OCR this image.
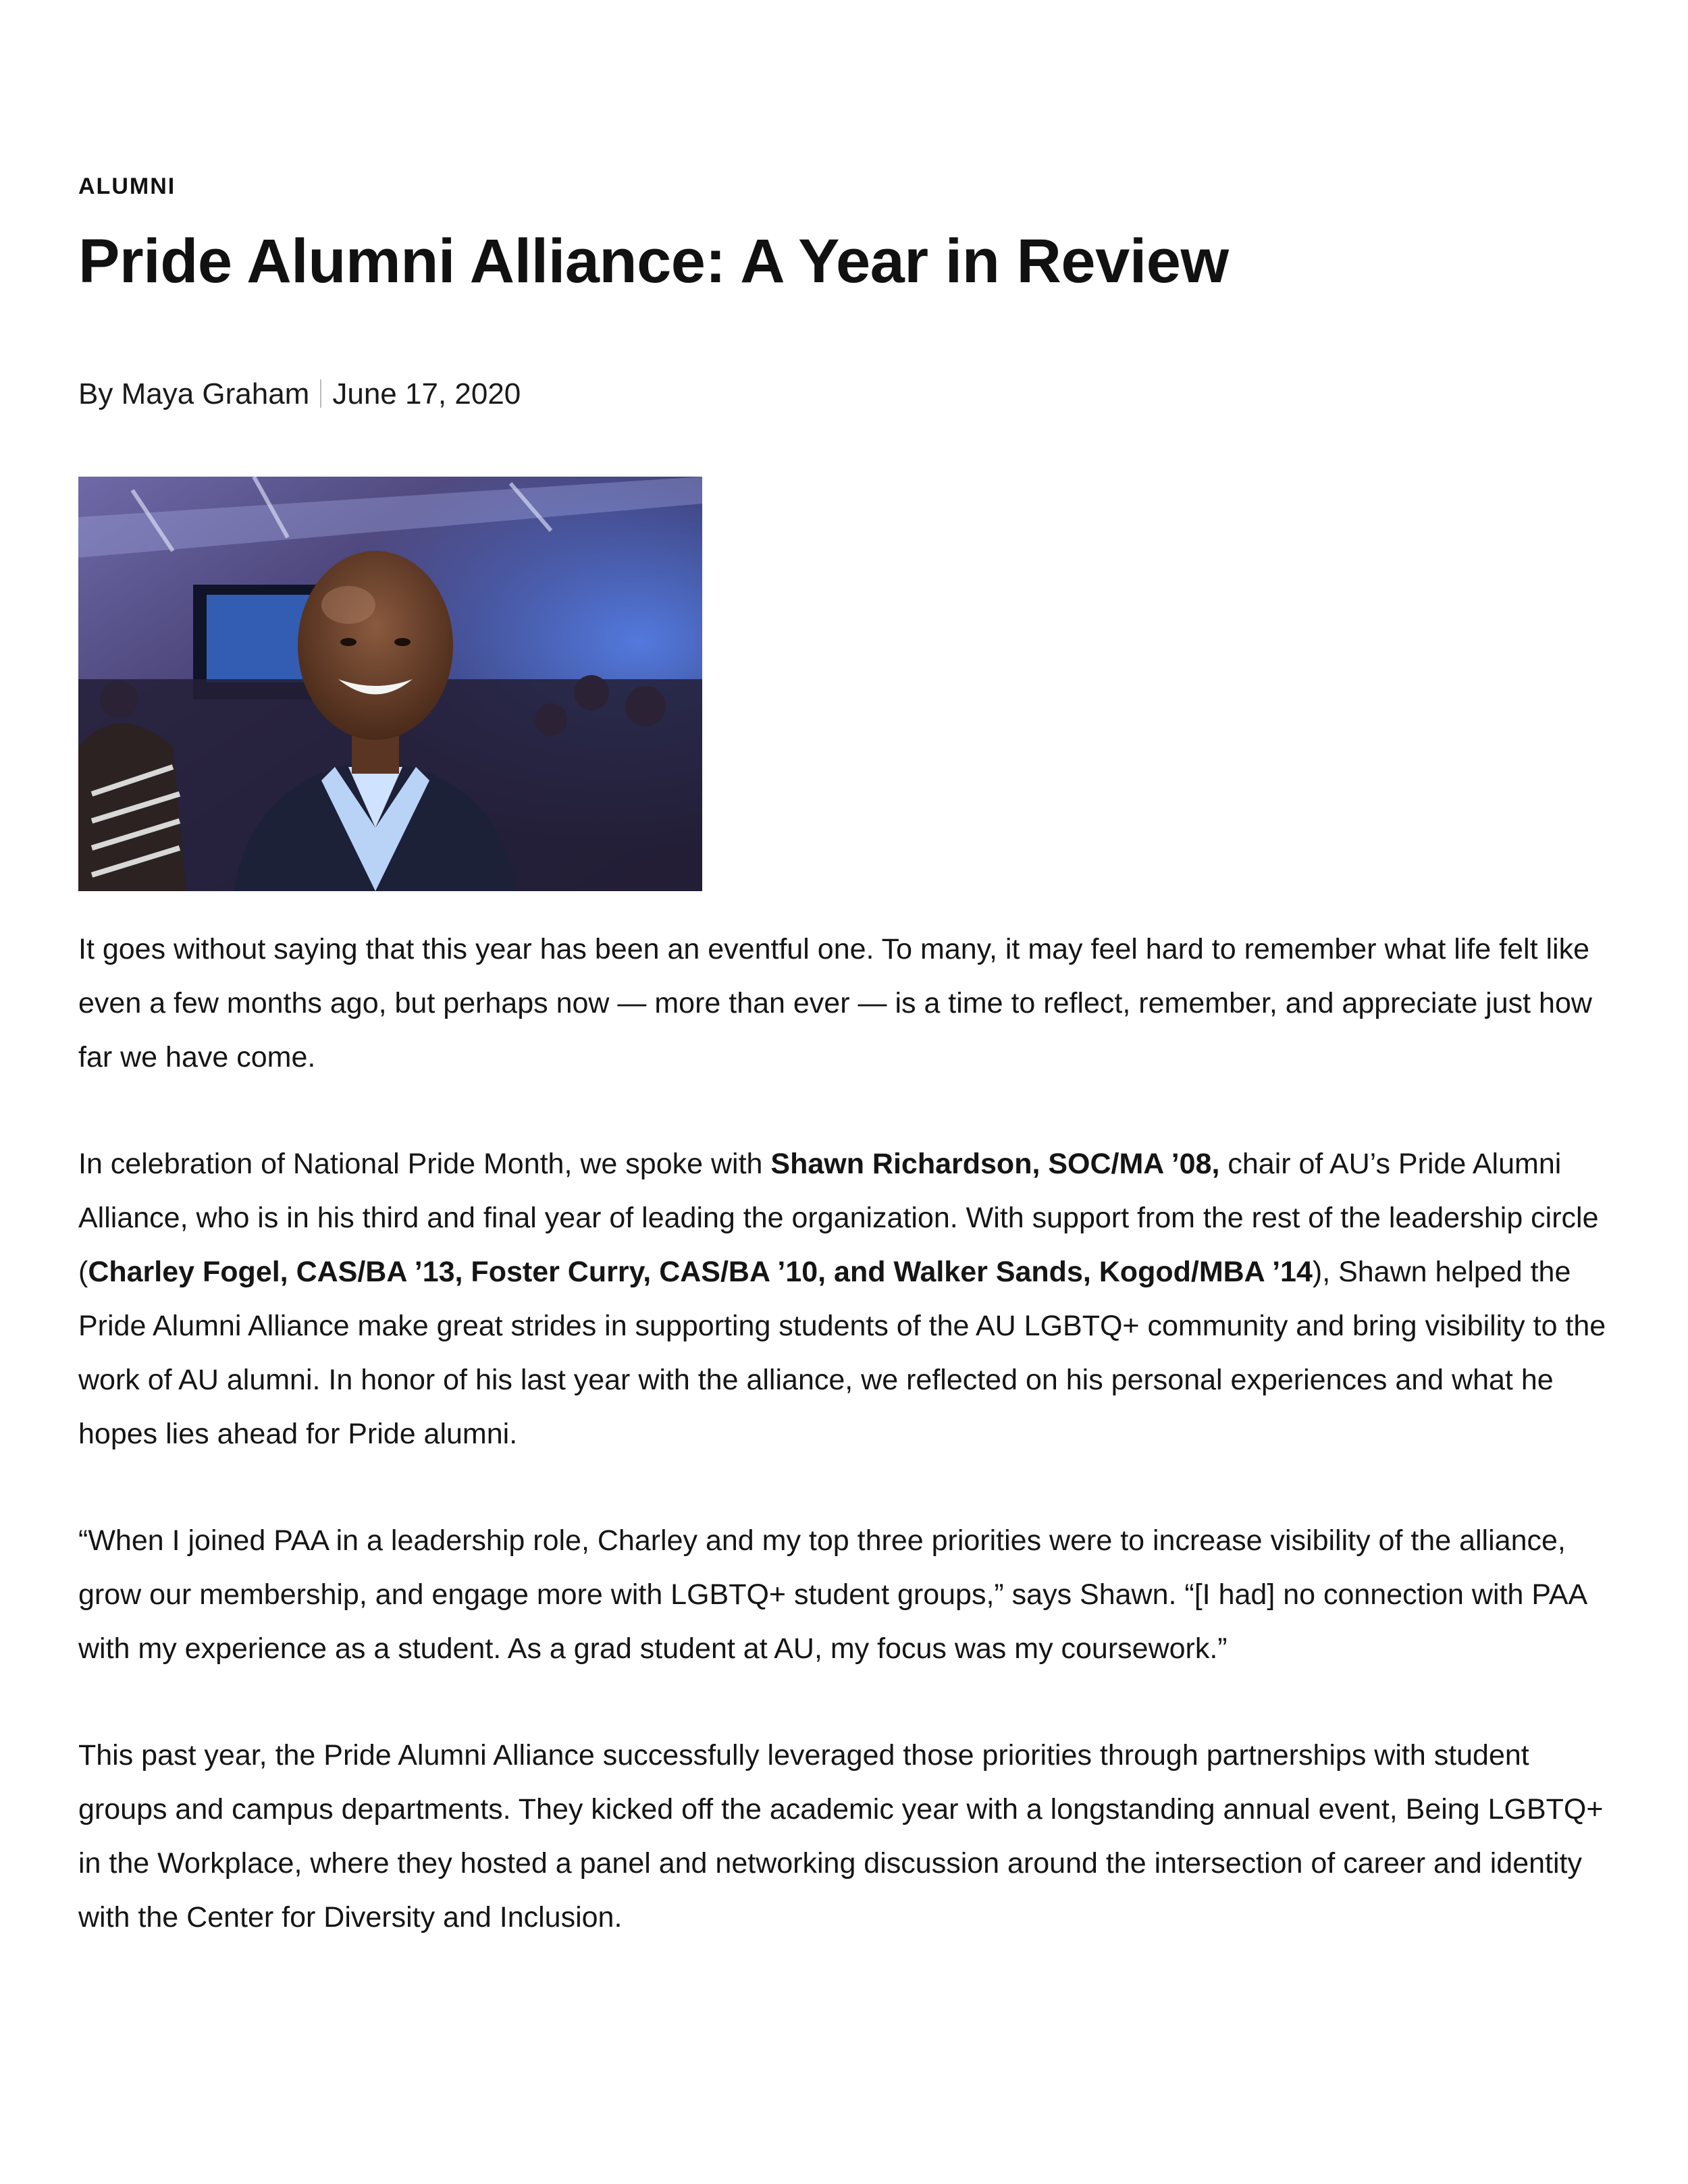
ALUMNI
Pride Alumni Alliance: A Year in Review
By Maya Graham June 17, 2020

It goes without saying that this year has been an eventful one. To many, it may feel hard to remember what life felt like even a few months ago, but perhaps now — more than ever — is a time to reflect, remember, and appreciate just how far we have come.

In celebration of National Pride Month, we spoke with Shawn Richardson, SOC/MA ’08, chair of AU’s Pride Alumni Alliance, who is in his third and final year of leading the organization. With support from the rest of the leadership circle (Charley Fogel, CAS/BA ’13, Foster Curry, CAS/BA ’10, and Walker Sands, Kogod/MBA ’14), Shawn helped the Pride Alumni Alliance make great strides in supporting students of the AU LGBTQ+ community and bring visibility to the work of AU alumni. In honor of his last year with the alliance, we reflected on his personal experiences and what he hopes lies ahead for Pride alumni.

“When I joined PAA in a leadership role, Charley and my top three priorities were to increase visibility of the alliance, grow our membership, and engage more with LGBTQ+ student groups,” says Shawn. “[I had] no connection with PAA with my experience as a student. As a grad student at AU, my focus was my coursework.”

This past year, the Pride Alumni Alliance successfully leveraged those priorities through partnerships with student groups and campus departments. They kicked off the academic year with a longstanding annual event, Being LGBTQ+ in the Workplace, where they hosted a panel and networking discussion around the intersection of career and identity with the Center for Diversity and Inclusion.
